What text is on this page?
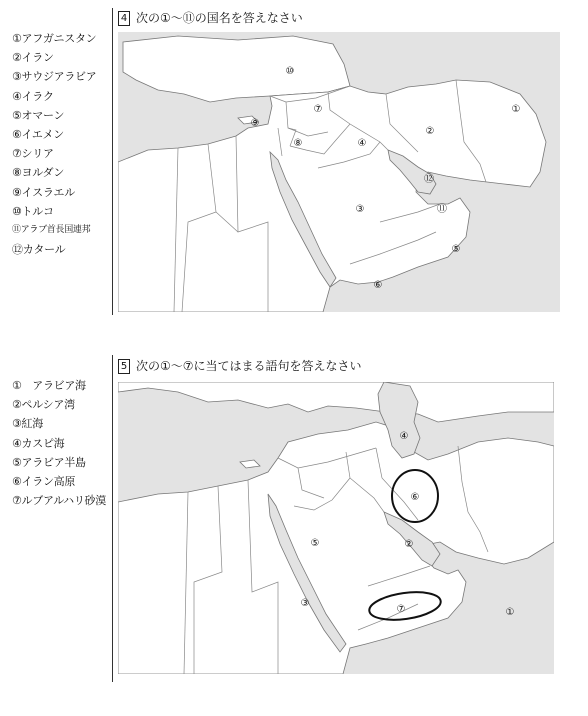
4 次の①～⑪の国名を答えなさい
①アフガニスタン
②イラン
③サウジアラビア
④イラク
⑤オマーン
⑥イエメン
⑦シリア
⑧ヨルダン
⑨イスラエル
⑩トルコ
⑪アラブ首長国連邦
⑫カタール
①
②
③
④
⑤
⑥
⑦
⑧
⑨
⑩
⑪
⑫
5 次の①～⑦に当てはまる語句を答えなさい
①　アラビア海
②ペルシア湾
③紅海
④カスピ海
⑤アラビア半島
⑥イラン高原
⑦ルブアルハリ砂漠
①
②
③
④
⑤
⑥
⑦
